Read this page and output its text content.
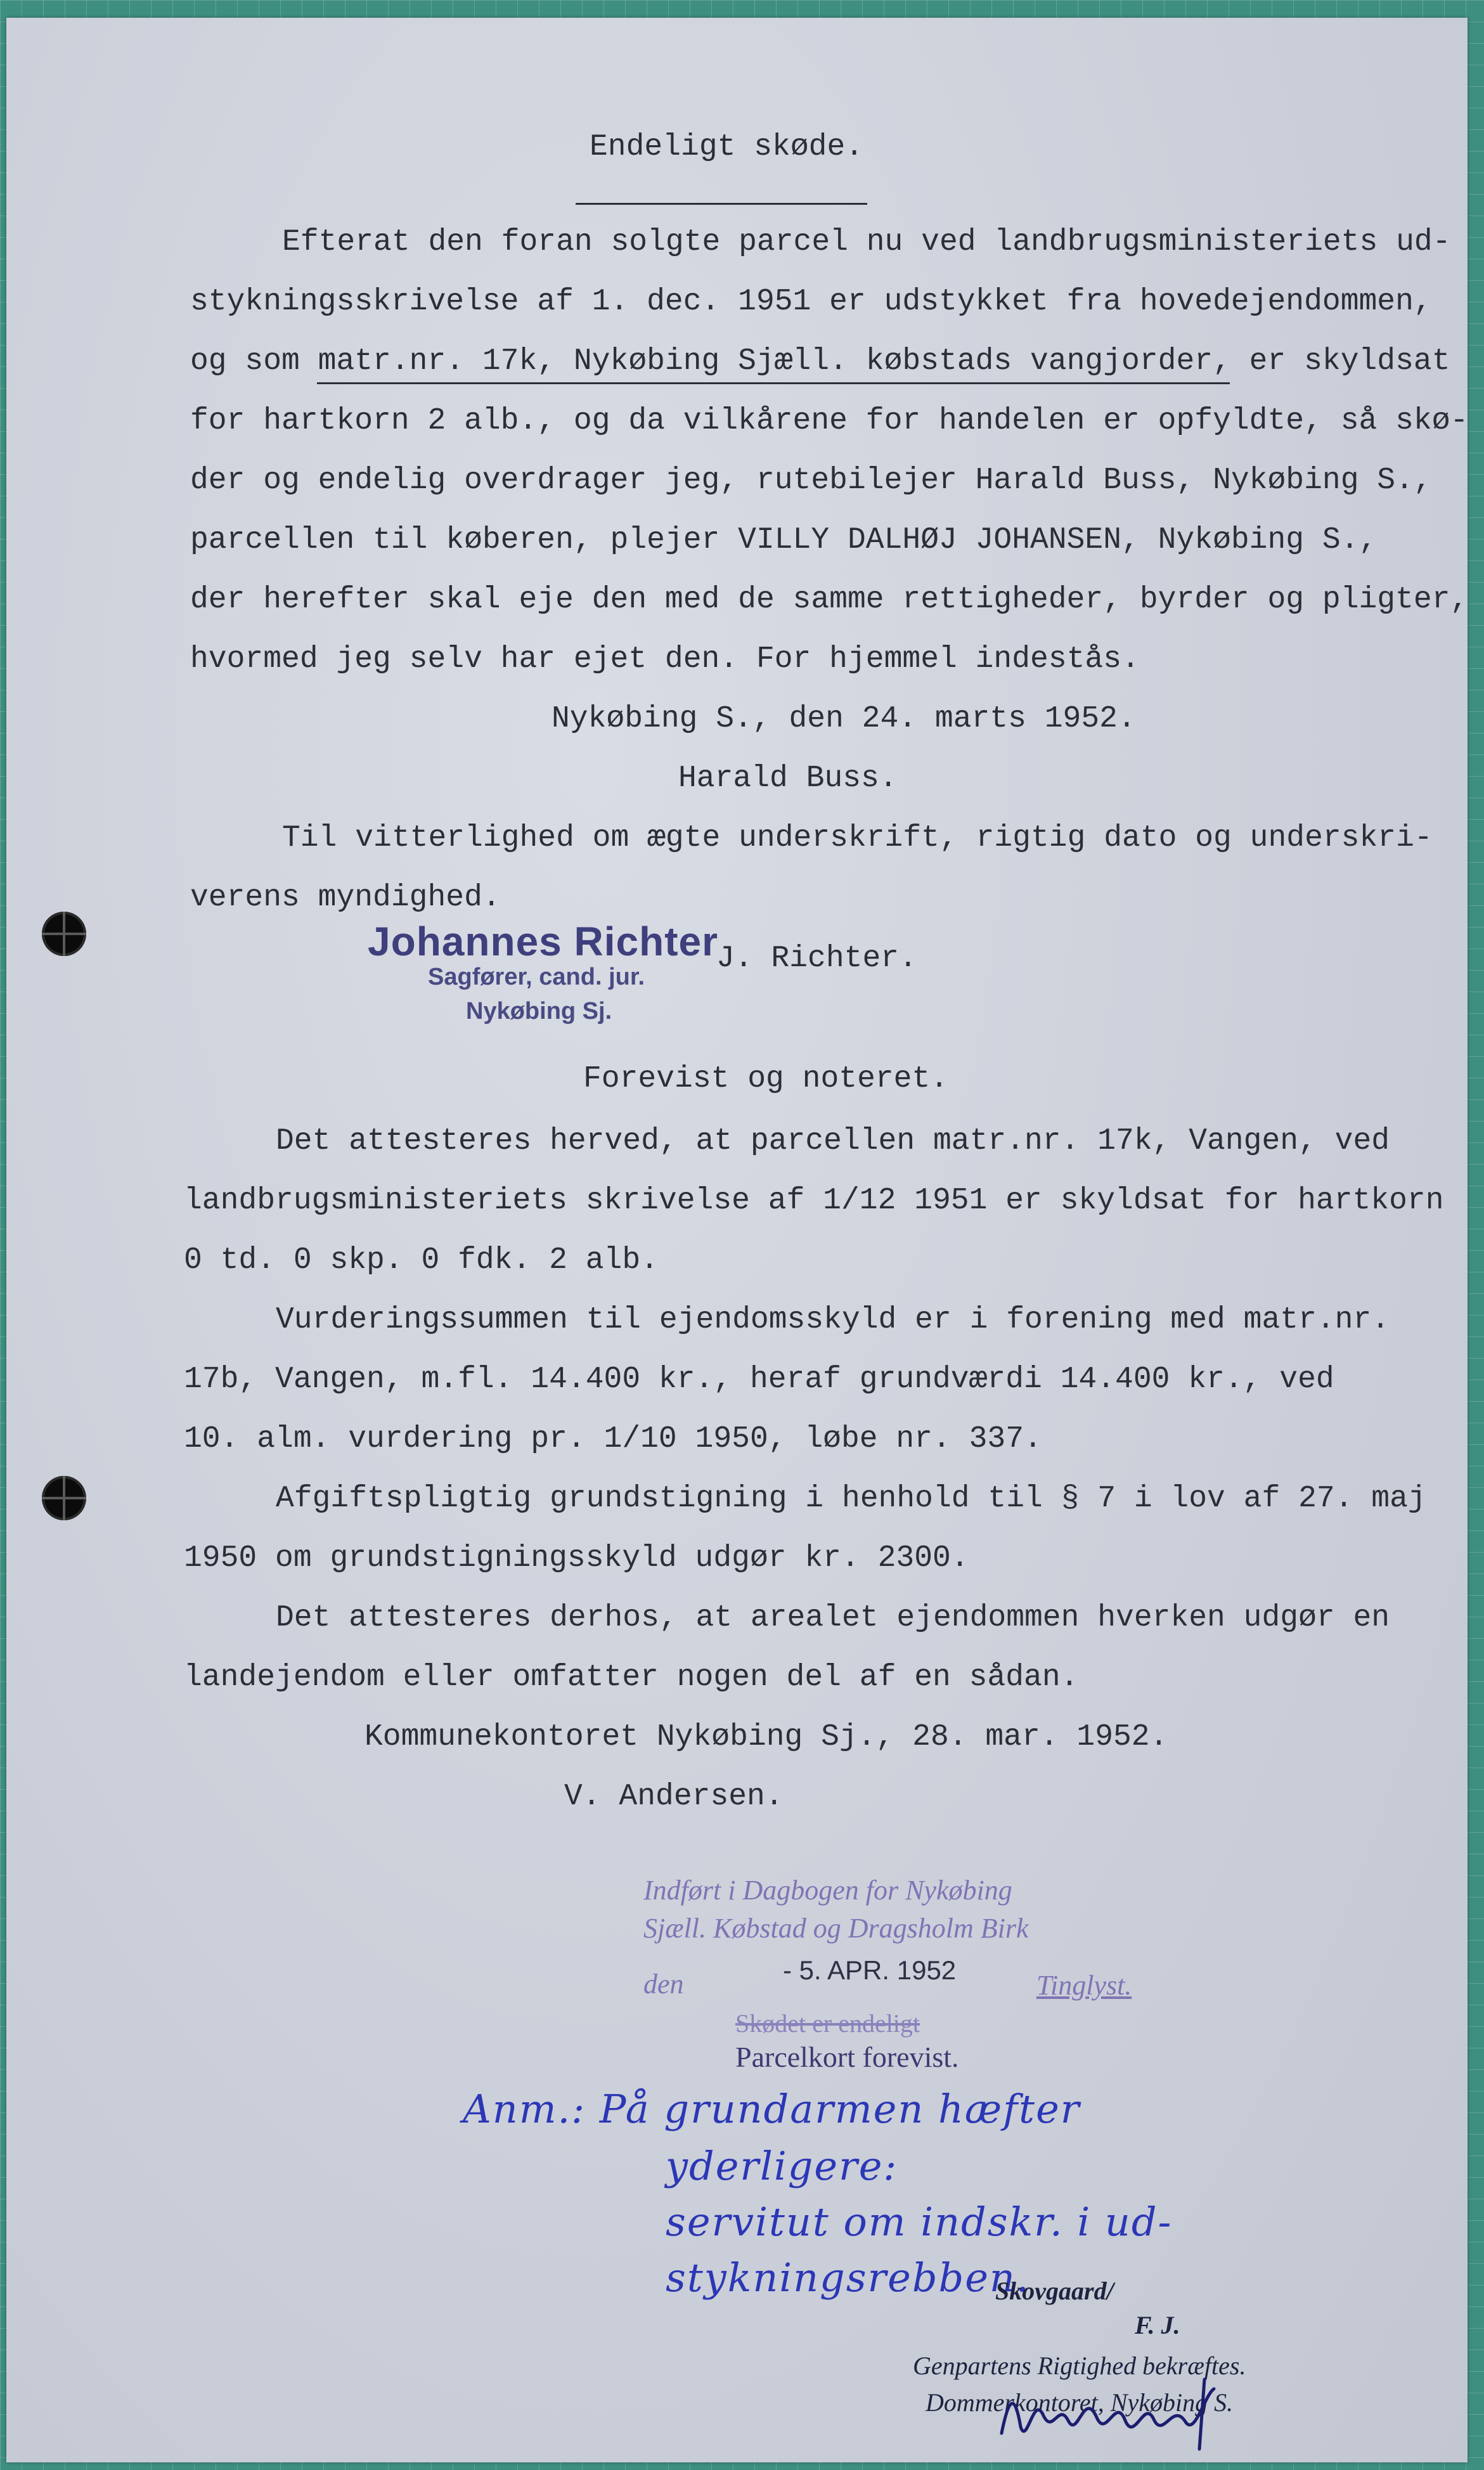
Endeligt skøde.
Efterat den foran solgte parcel nu ved landbrugsministeriets ud-
stykningsskrivelse af 1. dec. 1951 er udstykket fra hovedejendommen,
og som matr.nr. 17k, Nykøbing Sjæll. købstads vangjorder, er skyldsat
for hartkorn 2 alb., og da vilkårene for handelen er opfyldte, så skø-
der og endelig overdrager jeg, rutebilejer Harald Buss, Nykøbing S.,
parcellen til køberen, plejer VILLY DALHØJ JOHANSEN, Nykøbing S.,
der herefter skal eje den med de samme rettigheder, byrder og pligter,
hvormed jeg selv har ejet den. For hjemmel indestås.
Nykøbing S., den 24. marts 1952.
Harald Buss.
Til vitterlighed om ægte underskrift, rigtig dato og underskri-
verens myndighed.
Johannes Richter
Sagfører, cand. jur.
Nykøbing Sj.
J. Richter.
Forevist og noteret.
Det attesteres herved, at parcellen matr.nr. 17k, Vangen, ved
landbrugsministeriets skrivelse af 1/12 1951 er skyldsat for hartkorn
0 td. 0 skp. 0 fdk. 2 alb.
Vurderingssummen til ejendomsskyld er i forening med matr.nr.
17b, Vangen, m.fl. 14.400 kr., heraf grundværdi 14.400 kr., ved
10. alm. vurdering pr. 1/10 1950, løbe nr. 337.
Afgiftspligtig grundstigning i henhold til § 7 i lov af 27. maj
1950 om grundstigningsskyld udgør kr. 2300.
Det attesteres derhos, at arealet ejendommen hverken udgør en
landejendom eller omfatter nogen del af en sådan.
Kommunekontoret Nykøbing Sj., 28. mar. 1952.
V. Andersen.
Indført i Dagbogen for Nykøbing
Sjæll. Købstad og Dragsholm Birk
den	- 5. APR. 1952	Tinglyst.
Skødet er endeligt
Parcelkort forevist.
Anm.: På grundarmen hæfter
yderligere:
servitut om indskr. i ud-
stykningsrebben.
Skovgaard/
F. J.
Genpartens Rigtighed bekræftes.
Dommerkontoret, Nykøbing S.
